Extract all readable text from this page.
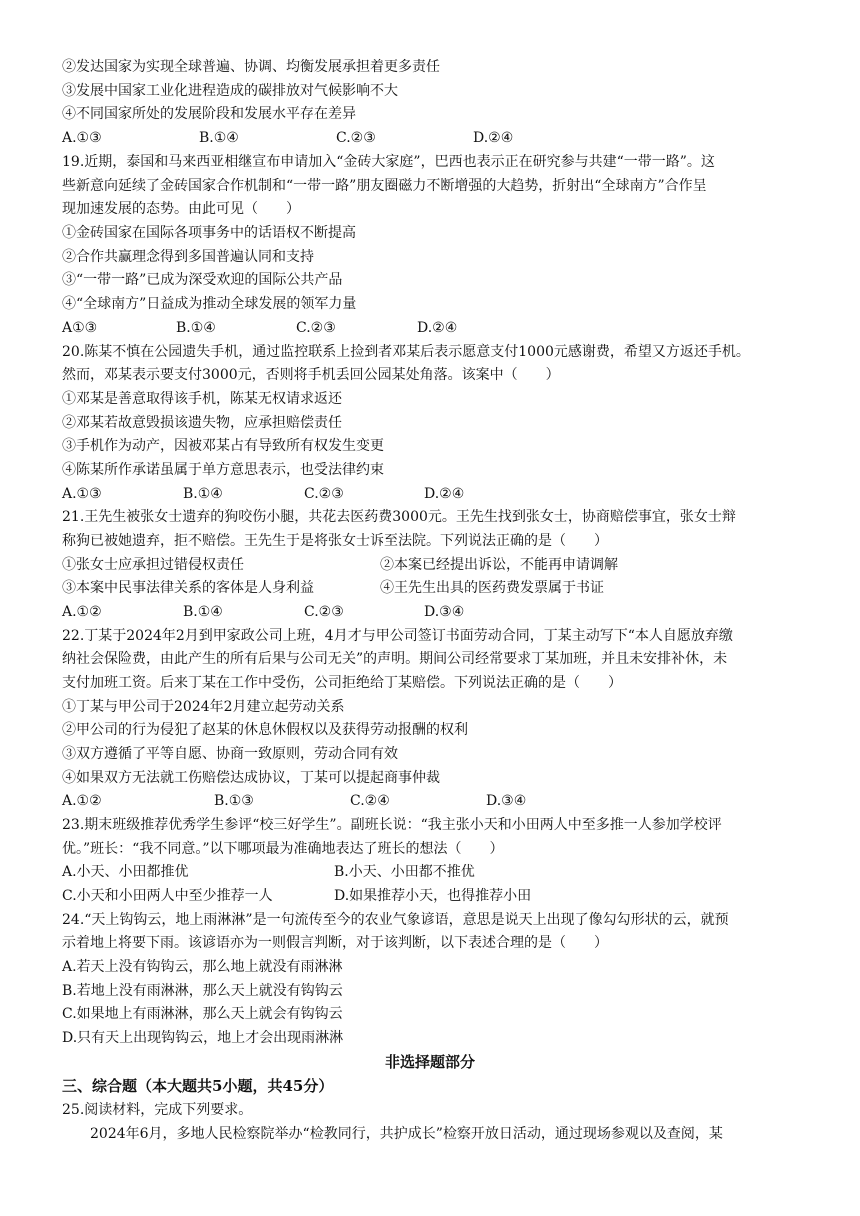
②发达国家为实现全球普遍、协调、均衡发展承担着更多责任
③发展中国家工业化进程造成的碳排放对气候影响不大
④不同国家所处的发展阶段和发展水平存在差异
A.①③	B.①④	C.②③	D.②④
19.近期，泰国和马来西亚相继宣布申请加入“金砖大家庭”，巴西也表示正在研究参与共建“一带一路”。这
些新意向延续了金砖国家合作机制和“一带一路”朋友圈磁力不断增强的大趋势，折射出“全球南方”合作呈
现加速发展的态势。由此可见（　　）
①金砖国家在国际各项事务中的话语权不断提高
②合作共赢理念得到多国普遍认同和支持
③“一带一路”已成为深受欢迎的国际公共产品
④“全球南方”日益成为推动全球发展的领军力量
A①③	B.①④	C.②③	D.②④
20.陈某不慎在公园遗失手机，通过监控联系上捡到者邓某后表示愿意支付1000元感谢费，希望又方返还手机。
然而，邓某表示要支付3000元，否则将手机丢回公园某处角落。该案中（　　）
①邓某是善意取得该手机，陈某无权请求返还
②邓某若故意毁损该遗失物，应承担赔偿责任
③手机作为动产，因被邓某占有导致所有权发生变更
④陈某所作承诺虽属于单方意思表示，也受法律约束
A.①③	B.①④	C.②③	D.②④
21.王先生被张女士遗弃的狗咬伤小腿，共花去医药费3000元。王先生找到张女士，协商赔偿事宜，张女士辩
称狗已被她遗弃，拒不赔偿。王先生于是将张女士诉至法院。下列说法正确的是（　　）
①张女士应承担过错侵权责任	②本案已经提出诉讼，不能再申请调解
③本案中民事法律关系的客体是人身利益	④王先生出具的医药费发票属于书证
A.①②	B.①④	C.②③	D.③④
22.丁某于2024年2月到甲家政公司上班，4月才与甲公司签订书面劳动合同，丁某主动写下“本人自愿放弃缴
纳社会保险费，由此产生的所有后果与公司无关”的声明。期间公司经常要求丁某加班，并且未安排补休，未
支付加班工资。后来丁某在工作中受伤，公司拒绝给丁某赔偿。下列说法正确的是（　　）
①丁某与甲公司于2024年2月建立起劳动关系
②甲公司的行为侵犯了赵某的休息休假权以及获得劳动报酬的权利
③双方遵循了平等自愿、协商一致原则，劳动合同有效
④如果双方无法就工伤赔偿达成协议，丁某可以提起商事仲裁
A.①②	B.①③	C.②④	D.③④
23.期末班级推荐优秀学生参评“校三好学生”。副班长说：“我主张小天和小田两人中至多推一人参加学校评
优。”班长：“我不同意。”以下哪项最为准确地表达了班长的想法（　　）
A.小天、小田都推优	B.小天、小田都不推优
C.小天和小田两人中至少推荐一人	D.如果推荐小天，也得推荐小田
24.“天上钩钩云，地上雨淋淋”是一句流传至今的农业气象谚语，意思是说天上出现了像勾勾形状的云，就预
示着地上将要下雨。该谚语亦为一则假言判断，对于该判断，以下表述合理的是（　　）
A.若天上没有钩钩云，那么地上就没有雨淋淋
B.若地上没有雨淋淋，那么天上就没有钩钩云
C.如果地上有雨淋淋，那么天上就会有钩钩云
D.只有天上出现钩钩云，地上才会出现雨淋淋
非选择题部分
三、综合题（本大题共5小题，共45分）
25.阅读材料，完成下列要求。
　　2024年6月，多地人民检察院举办“检教同行，共护成长”检察开放日活动，通过现场参观以及查阅，某
